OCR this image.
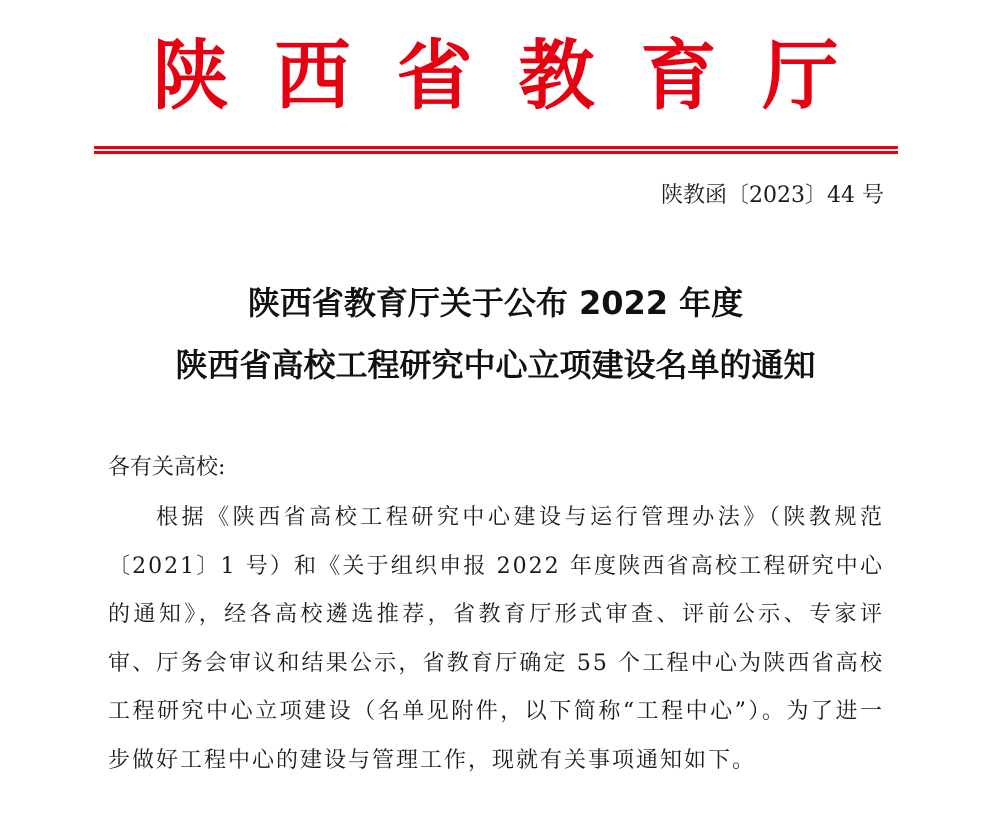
陕西省教育厅
陕教函〔2023〕44 号
陕西省教育厅关于公布 2022 年度
陕西省高校工程研究中心立项建设名单的通知
各有关高校:

根据《陕西省高校工程研究中心建设与运行管理办法》（陕教规范〔2021〕1 号）和《关于组织申报 2022 年度陕西省高校工程研究中心的通知》，经各高校遴选推荐，省教育厅形式审查、评前公示、专家评审、厅务会审议和结果公示，省教育厅确定 55 个工程中心为陕西省高校工程研究中心立项建设（名单见附件，以下简称“工程中心”）。为了进一步做好工程中心的建设与管理工作，现就有关事项通知如下。
